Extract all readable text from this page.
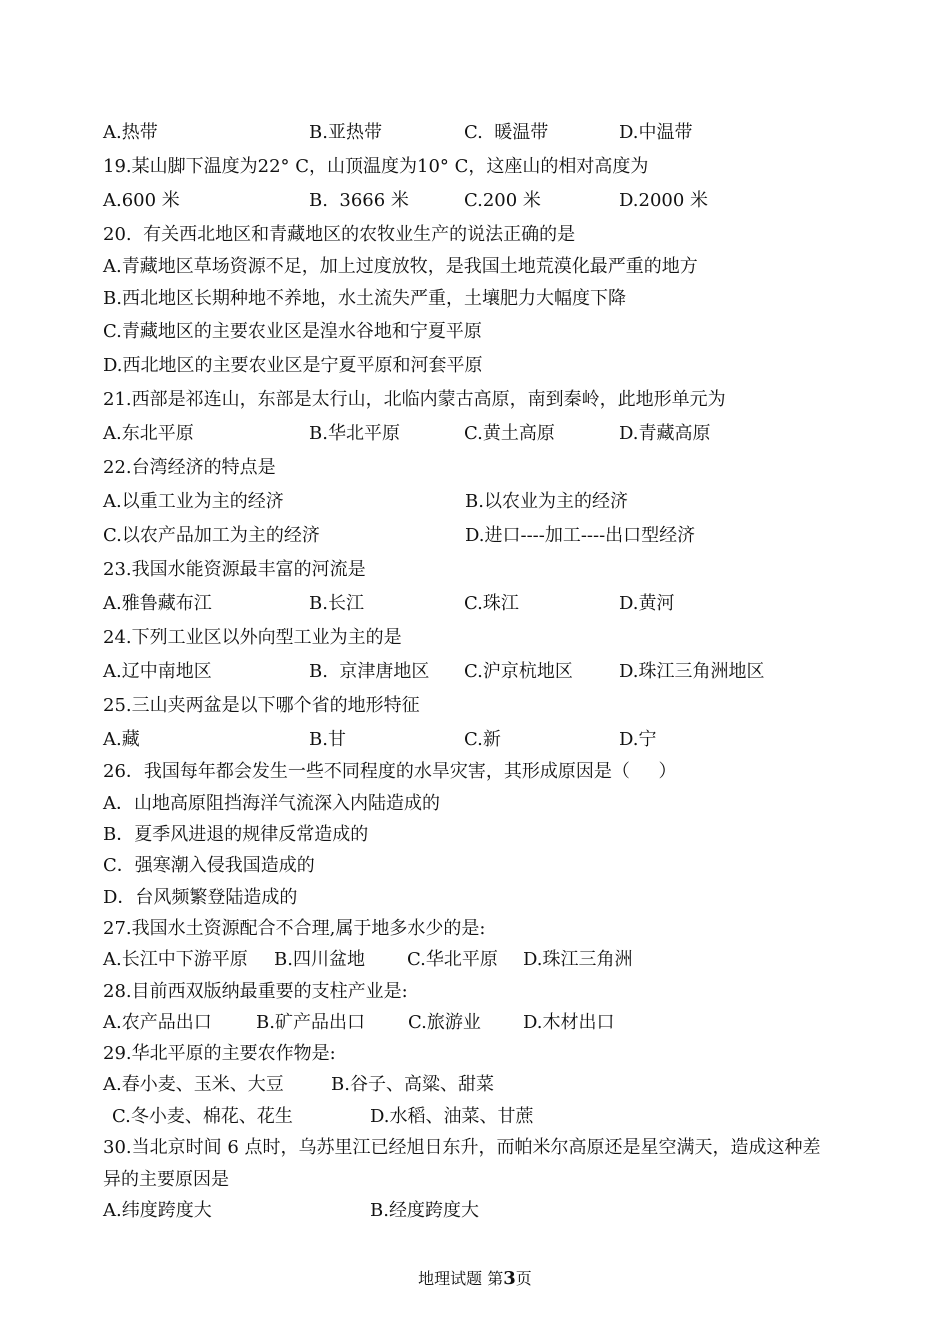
A.热带	B.亚热带	C.  暖温带	D.中温带
19.某山脚下温度为22° C，山顶温度为10° C，这座山的相对高度为
A.600 米	B.  3666 米	C.200 米	D.2000 米
20.  有关西北地区和青藏地区的农牧业生产的说法正确的是
A.青藏地区草场资源不足，加上过度放牧，是我国土地荒漠化最严重的地方
B.西北地区长期种地不养地，水土流失严重，土壤肥力大幅度下降
C.青藏地区的主要农业区是湟水谷地和宁夏平原
D.西北地区的主要农业区是宁夏平原和河套平原
21.西部是祁连山，东部是太行山，北临内蒙古高原，南到秦岭，此地形单元为
A.东北平原	B.华北平原	C.黄土高原	D.青藏高原
22.台湾经济的特点是
A.以重工业为主的经济	B.以农业为主的经济
C.以农产品加工为主的经济	D.进口----加工----出口型经济
23.我国水能资源最丰富的河流是
A.雅鲁藏布江	B.长江	C.珠江	D.黄河
24.下列工业区以外向型工业为主的是
A.辽中南地区	B.  京津唐地区 C.沪京杭地区	D.珠江三角洲地区
25.三山夹两盆是以下哪个省的地形特征
A.藏	B.甘	C.新	D.宁
26．我国每年都会发生一些不同程度的水旱灾害，其形成原因是（     ）
A．山地高原阻挡海洋气流深入内陆造成的
B．夏季风进退的规律反常造成的
C．强寒潮入侵我国造成的
D．台风频繁登陆造成的
27.我国水土资源配合不合理,属于地多水少的是:
A.长江中下游平原 B.四川盆地 C.华北平原 D.珠江三角洲
28.目前西双版纳最重要的支柱产业是:
A.农产品出口 B.矿产品出口 C.旅游业 D.木材出口
29.华北平原的主要农作物是:
A.春小麦、玉米、大豆	B.谷子、高粱、甜菜
C.冬小麦、棉花、花生	D.水稻、油菜、甘蔗
30.当北京时间 6 点时，乌苏里江已经旭日东升，而帕米尔高原还是星空满天，造成这种差
异的主要原因是
A.纬度跨度大	B.经度跨度大
地理试题 第3页
